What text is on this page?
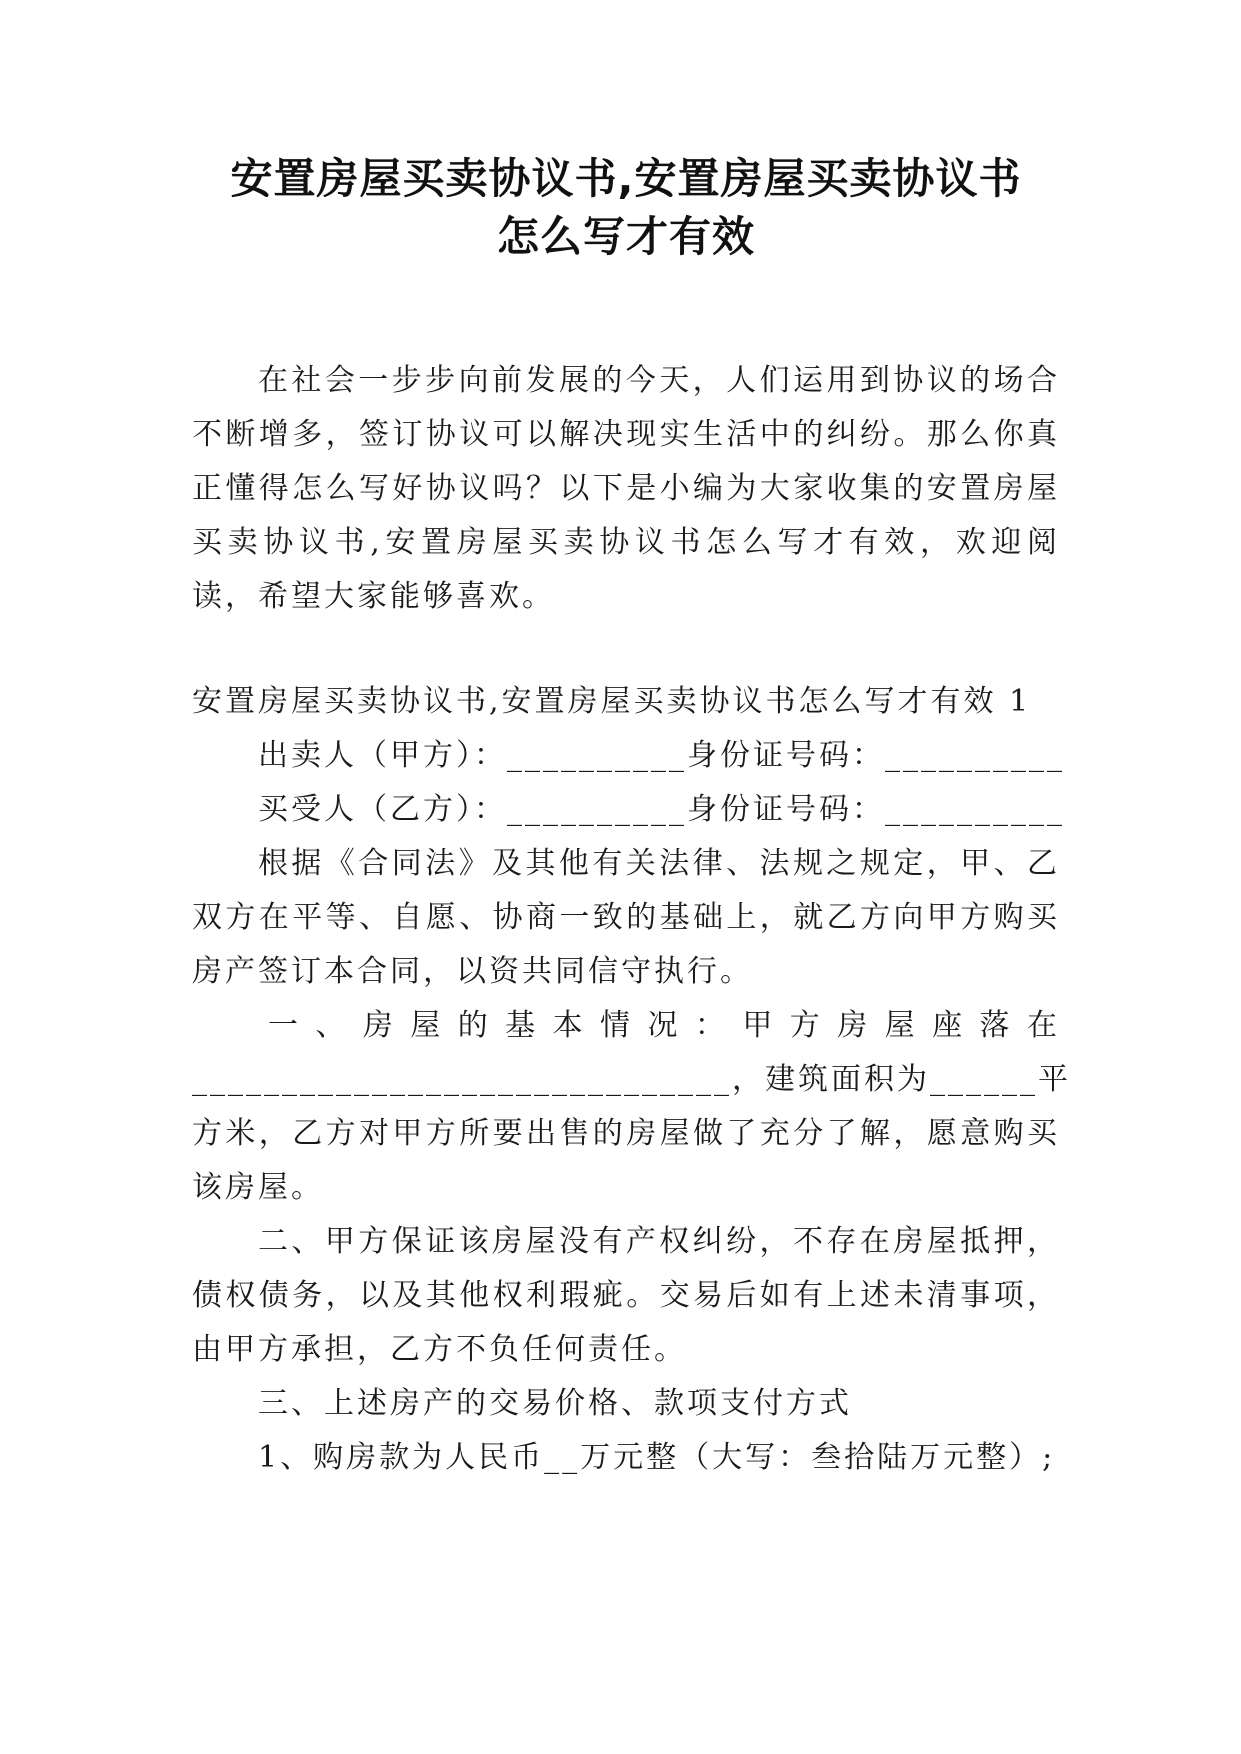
安置房屋买卖协议书,安置房屋买卖协议书
怎么写才有效

在社会一步步向前发展的今天，人们运用到协议的场合不断增多，签订协议可以解决现实生活中的纠纷。那么你真正懂得怎么写好协议吗？以下是小编为大家收集的安置房屋买卖协议书,安置房屋买卖协议书怎么写才有效，欢迎阅读，希望大家能够喜欢。

安置房屋买卖协议书,安置房屋买卖协议书怎么写才有效 1

出卖人（甲方）：__________身份证号码：__________

买受人（乙方）：__________身份证号码：__________

根据《合同法》及其他有关法律、法规之规定，甲、乙双方在平等、自愿、协商一致的基础上，就乙方向甲方购买房产签订本合同，以资共同信守执行。

一、房屋的基本情况：甲方房屋座落在
______________________________，建筑面积为______平
方米，乙方对甲方所要出售的房屋做了充分了解，愿意购买该房屋。

二、甲方保证该房屋没有产权纠纷，不存在房屋抵押，债权债务，以及其他权利瑕疵。交易后如有上述未清事项，由甲方承担，乙方不负任何责任。

三、上述房产的交易价格、款项支付方式

1、购房款为人民币__万元整（大写：叁拾陆万元整）;
